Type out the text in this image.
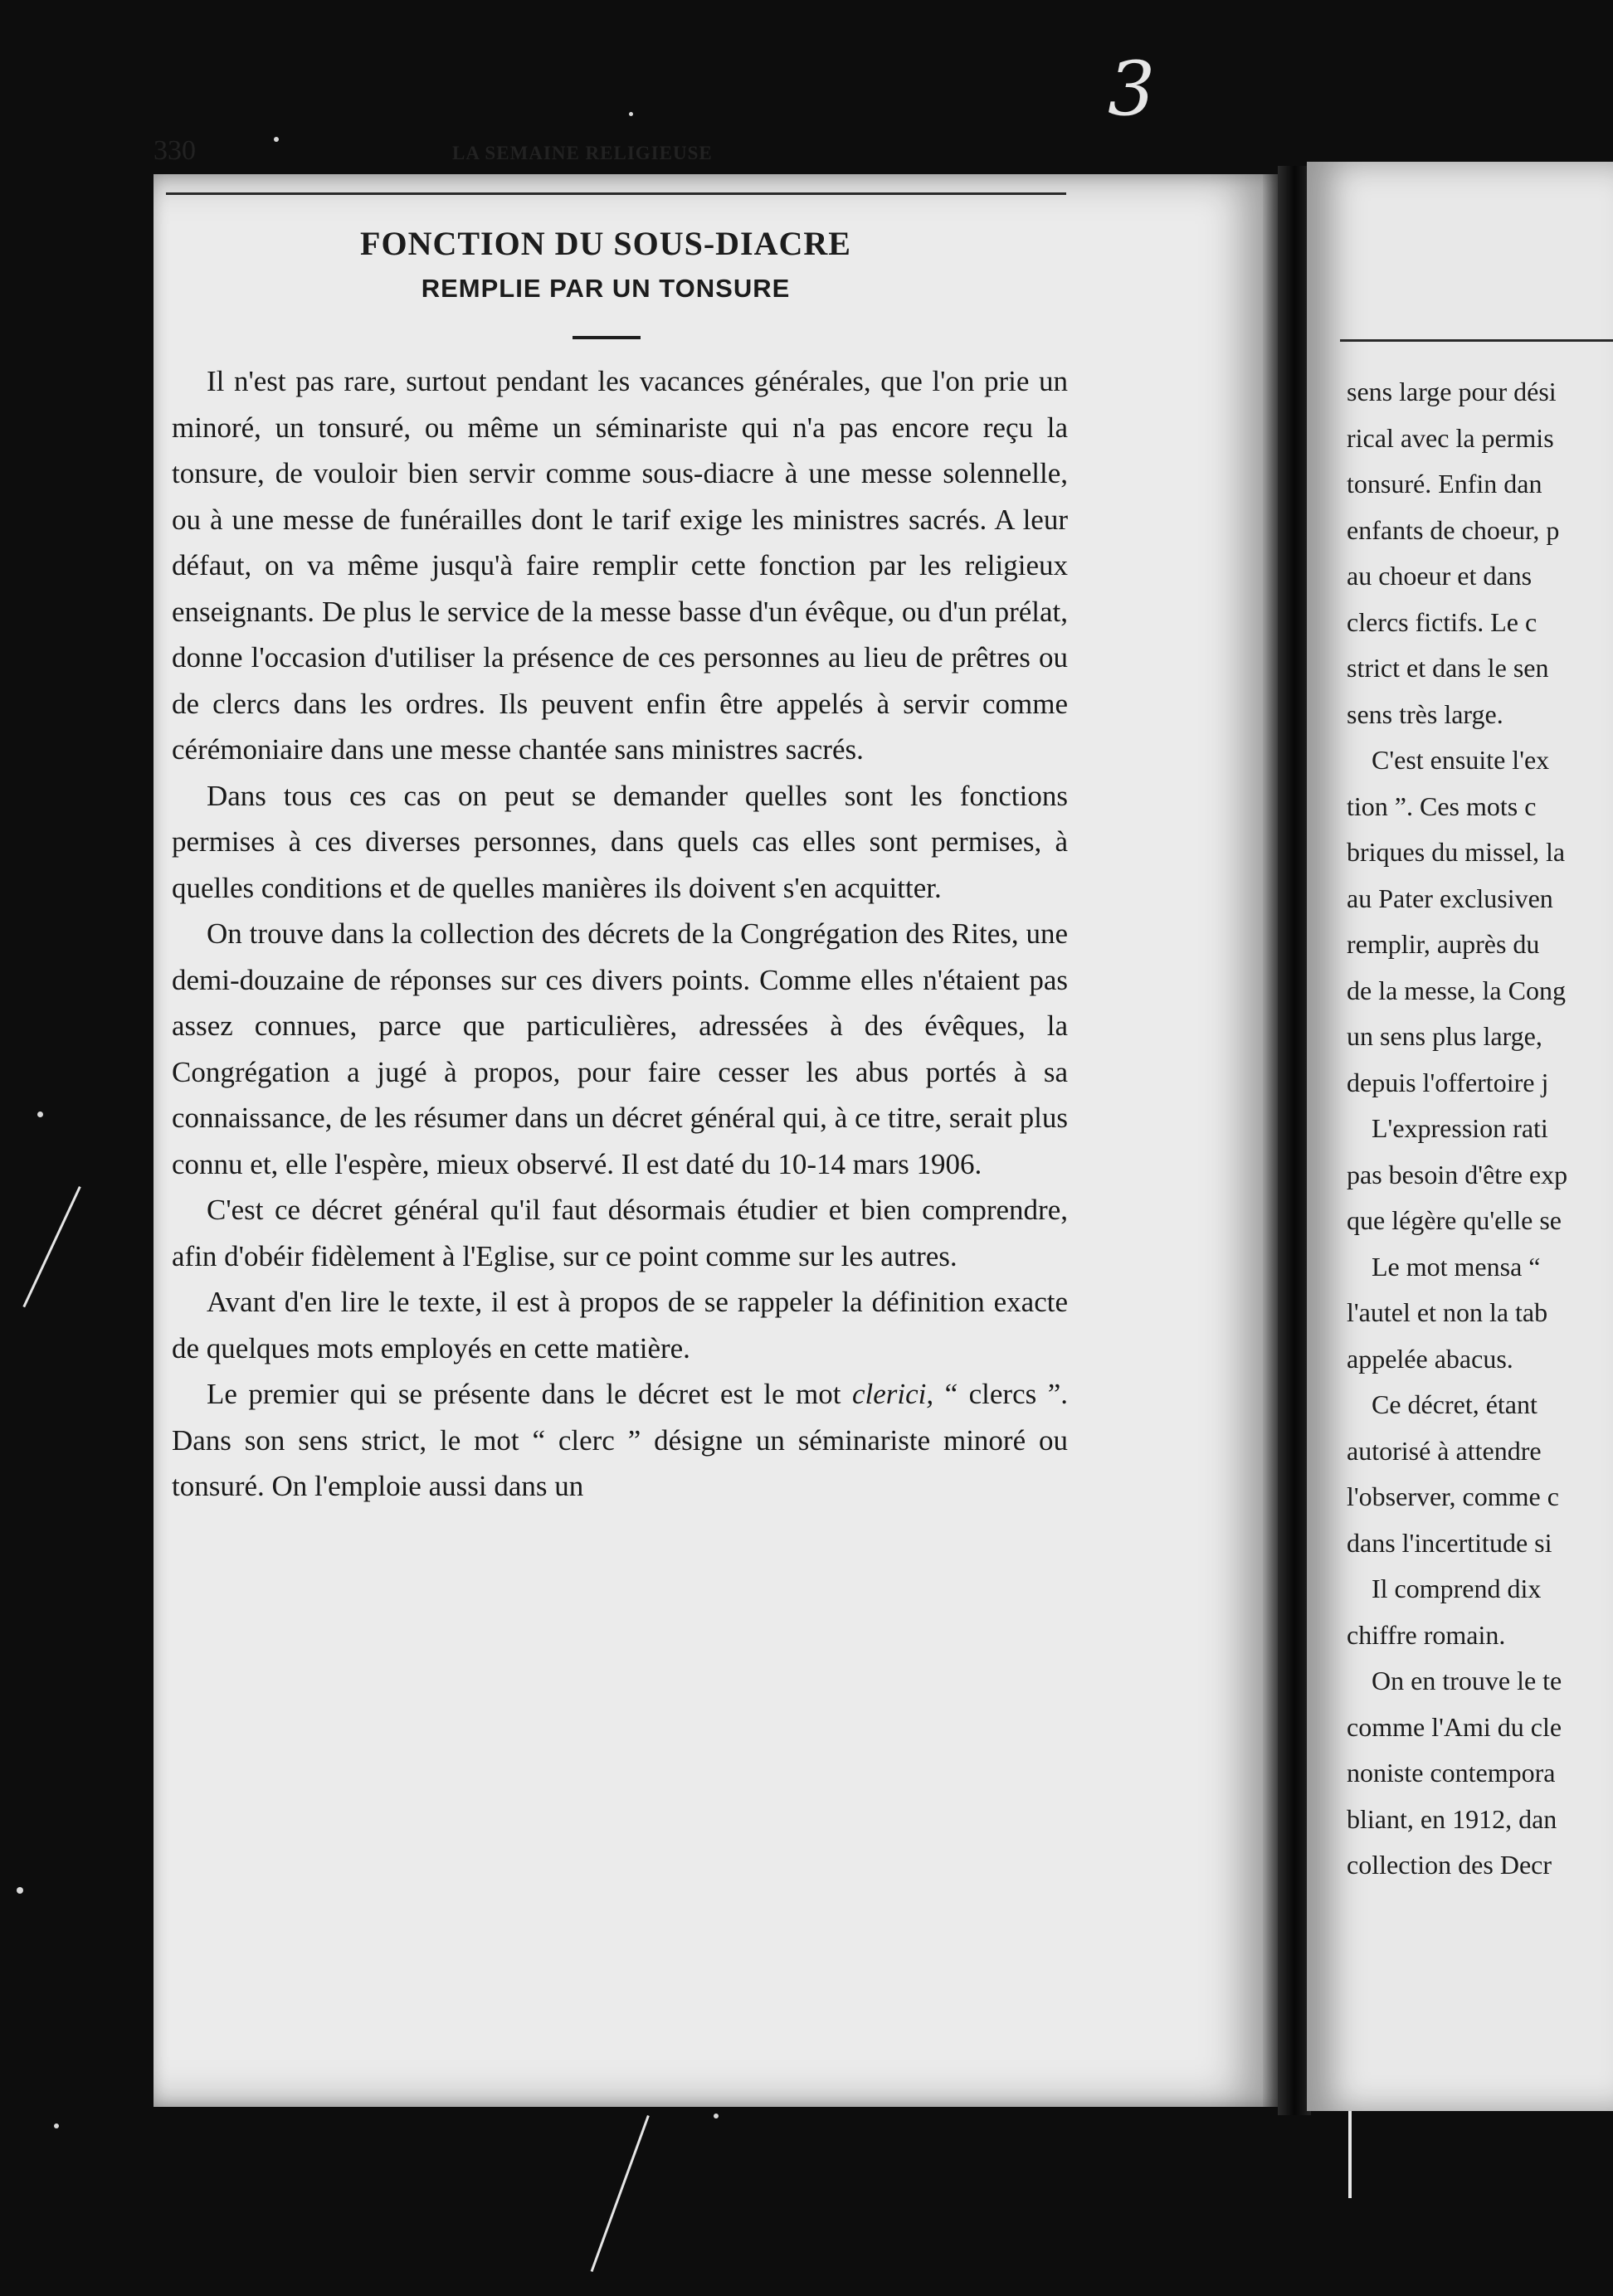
3
330	LA SEMAINE RELIGIEUSE
FONCTION DU SOUS-DIACRE
REMPLIE PAR UN TONSURE

Il n'est pas rare, surtout pendant les vacances générales, que l'on prie un minoré, un tonsuré, ou même un séminariste qui n'a pas encore reçu la tonsure, de vouloir bien servir comme sous-diacre à une messe solennelle, ou à une messe de funérailles dont le tarif exige les ministres sacrés. A leur défaut, on va même jusqu'à faire remplir cette fonction par les religieux enseignants. De plus le service de la messe basse d'un évêque, ou d'un prélat, donne l'occasion d'utiliser la présence de ces personnes au lieu de prêtres ou de clercs dans les ordres. Ils peuvent enfin être appelés à servir comme cérémoniaire dans une messe chantée sans ministres sacrés.

Dans tous ces cas on peut se demander quelles sont les fonctions permises à ces diverses personnes, dans quels cas elles sont permises, à quelles conditions et de quelles manières ils doivent s'en acquitter.

On trouve dans la collection des décrets de la Congrégation des Rites, une demi-douzaine de réponses sur ces divers points. Comme elles n'étaient pas assez connues, parce que particulières, adressées à des évêques, la Congrégation a jugé à propos, pour faire cesser les abus portés à sa connaissance, de les résumer dans un décret général qui, à ce titre, serait plus connu et, elle l'espère, mieux observé. Il est daté du 10-14 mars 1906.

C'est ce décret général qu'il faut désormais étudier et bien comprendre, afin d'obéir fidèlement à l'Eglise, sur ce point comme sur les autres.

Avant d'en lire le texte, il est à propos de se rappeler la définition exacte de quelques mots employés en cette matière.

Le premier qui se présente dans le décret est le mot clerici, “ clercs ”. Dans son sens strict, le mot “ clerc ” désigne un séminariste minoré ou tonsuré. On l'emploie aussi dans un

sens large pour dési
rical avec la permis
tonsuré. Enfin dan
enfants de choeur, p
au choeur et dans
clercs fictifs. Le c
strict et dans le sen
sens très large.
C'est ensuite l'ex
tion ”. Ces mots c
briques du missel, la
au Pater exclusiven
remplir, auprès du
de la messe, la Cong
un sens plus large,
depuis l'offertoire j
L'expression rati
pas besoin d'être exp
que légère qu'elle se
Le mot mensa “
l'autel et non la tab
appelée abacus.
Ce décret, étant
autorisé à attendre
l'observer, comme c
dans l'incertitude si
Il comprend dix
chiffre romain.
On en trouve le te
comme l'Ami du cle
noniste contempora
bliant, en 1912, dan
collection des Decr
